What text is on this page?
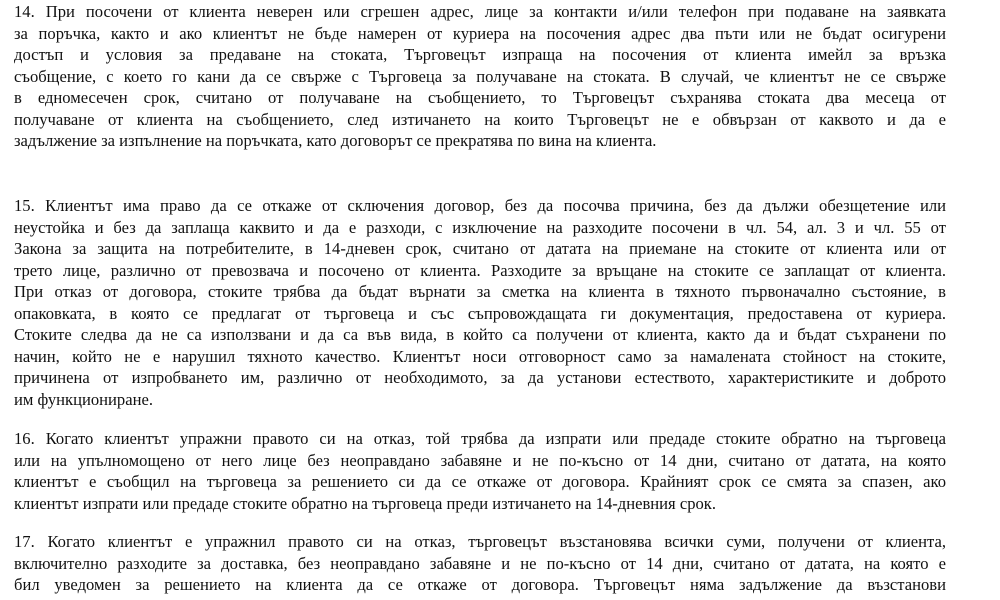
14. При посочени от клиента неверен или сгрешен адрес, лице за контакти и/или телефон при подаване на заявката
за поръчка, както и ако клиентът не бъде намерен от куриера на посочения адрес два пъти или не бъдат осигурени
достъп и условия за предаване на стоката, Търговецът изпраща на посочения от клиента имейл за връзка
съобщение, с което го кани да се свърже с Търговеца за получаване на стоката. В случай, че клиентът не се свърже
в едномесечен срок, считано от получаване на съобщението, то Търговецът съхранява стоката два месеца от
получаване от клиента на съобщението, след изтичането на които Търговецът не е обвързан от каквото и да е
задължение за изпълнение на поръчката, като договорът се прекратява по вина на клиента.
15. Клиентът има право да се откаже от сключения договор, без да посочва причина, без да дължи обезщетение или
неустойка и без да заплаща каквито и да е разходи, с изключение на разходите посочени в чл. 54, ал. 3 и чл. 55 от
Закона за защита на потребителите, в 14-дневен срок, считано от датата на приемане на стоките от клиента или от
трето лице, различно от превозвача и посочено от клиента. Разходите за връщане на стоките се заплащат от клиента.
При отказ от договора, стоките трябва да бъдат върнати за сметка на клиента в тяхното първоначално състояние, в
опаковката, в която се предлагат от търговеца и със съпровождащата ги документация, предоставена от куриера.
Стоките следва да не са използвани и да са във вида, в който са получени от клиента, както да и бъдат съхранени по
начин, който не е нарушил тяхното качество. Клиентът носи отговорност само за намалената стойност на стоките,
причинена от изпробването им, различно от необходимото, за да установи естеството, характеристиките и доброто
им функциониране.
16. Когато клиентът упражни правото си на отказ, той трябва да изпрати или предаде стоките обратно на търговеца
или на упълномощено от него лице без неоправдано забавяне и не по-късно от 14 дни, считано от датата, на която
клиентът е съобщил на търговеца за решението си да се откаже от договора. Крайният срок се смята за спазен, ако
клиентът изпрати или предаде стоките обратно на търговеца преди изтичането на 14-дневния срок.
17. Когато клиентът е упражнил правото си на отказ, търговецът възстановява всички суми, получени от клиента,
включително разходите за доставка, без неоправдано забавяне и не по-късно от 14 дни, считано от датата, на която е
бил уведомен за решението на клиента да се откаже от договора. Търговецът няма задължение да възстанови
